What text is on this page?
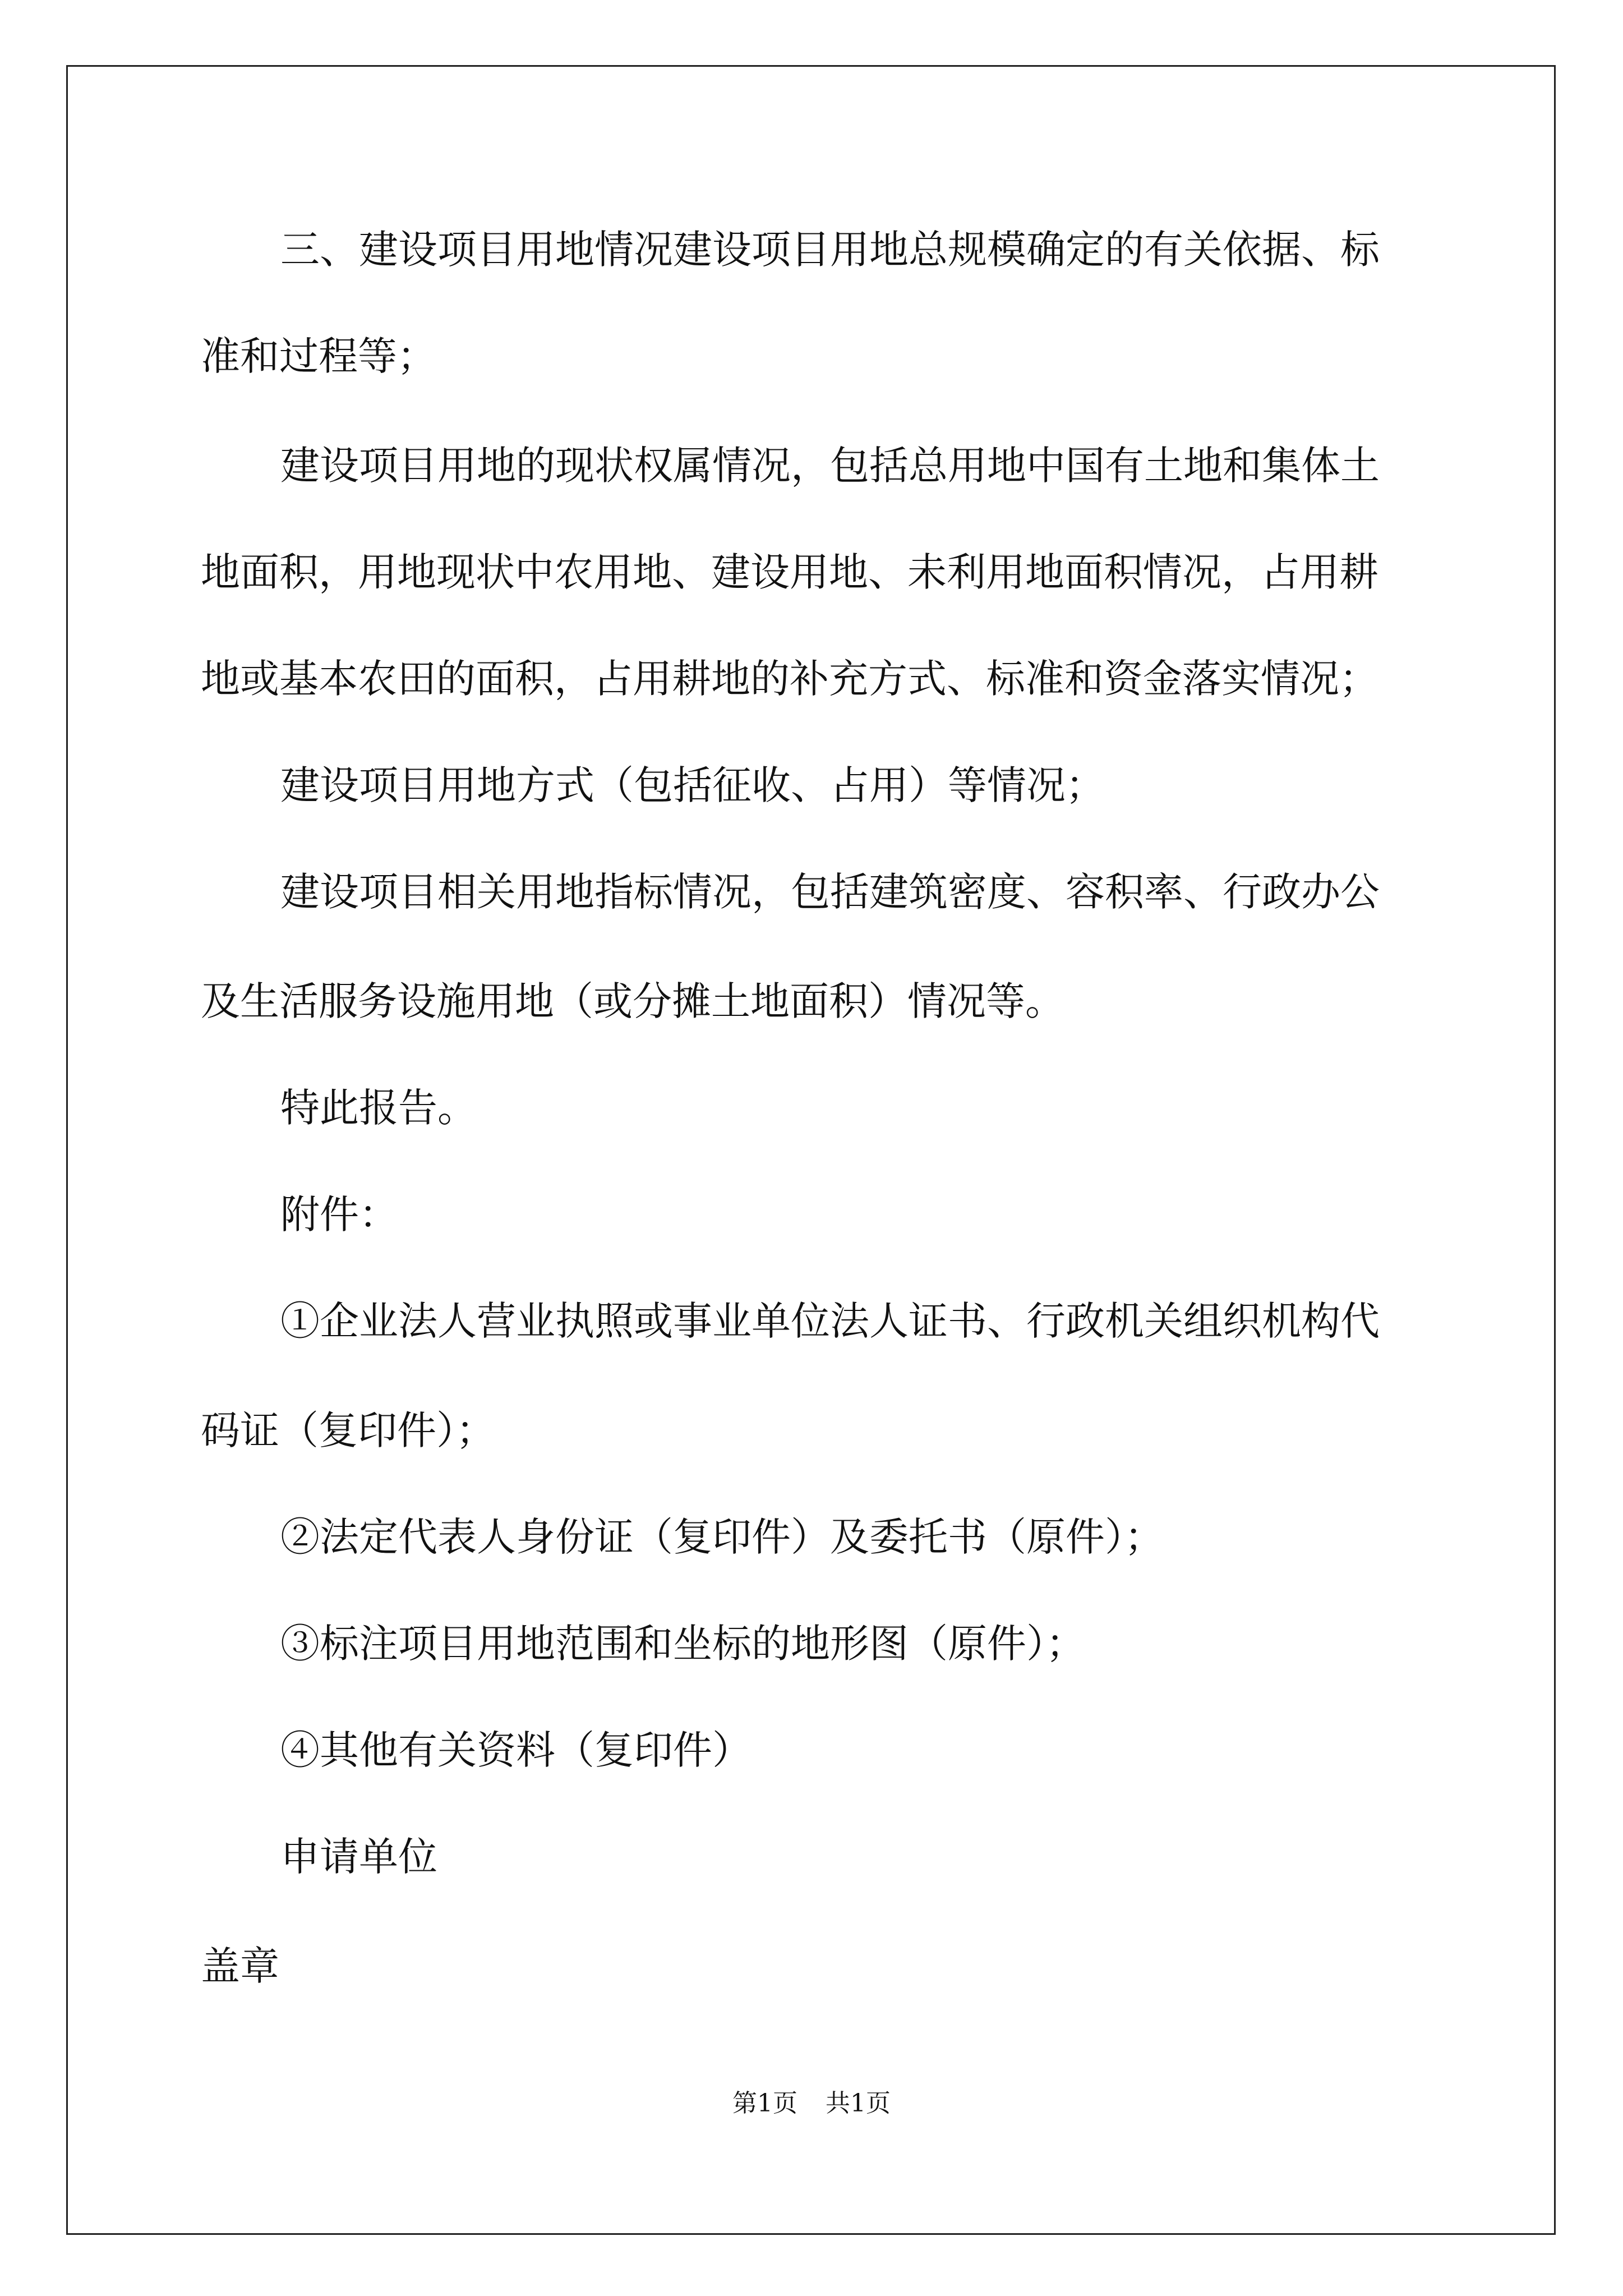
三、建设项目用地情况建设项目用地总规模确定的有关依据、标
准和过程等；
建设项目用地的现状权属情况，包括总用地中国有土地和集体土
地面积，用地现状中农用地、建设用地、未利用地面积情况，占用耕
地或基本农田的面积，占用耕地的补充方式、标准和资金落实情况；
建设项目用地方式（包括征收、占用）等情况；
建设项目相关用地指标情况，包括建筑密度、容积率、行政办公
及生活服务设施用地（或分摊土地面积）情况等。
特此报告。
附件：
①企业法人营业执照或事业单位法人证书、行政机关组织机构代
码证（复印件）；
②法定代表人身份证（复印件）及委托书（原件）；
③标注项目用地范围和坐标的地形图（原件）；
④其他有关资料（复印件）
申请单位
盖章
第1页 共1页
